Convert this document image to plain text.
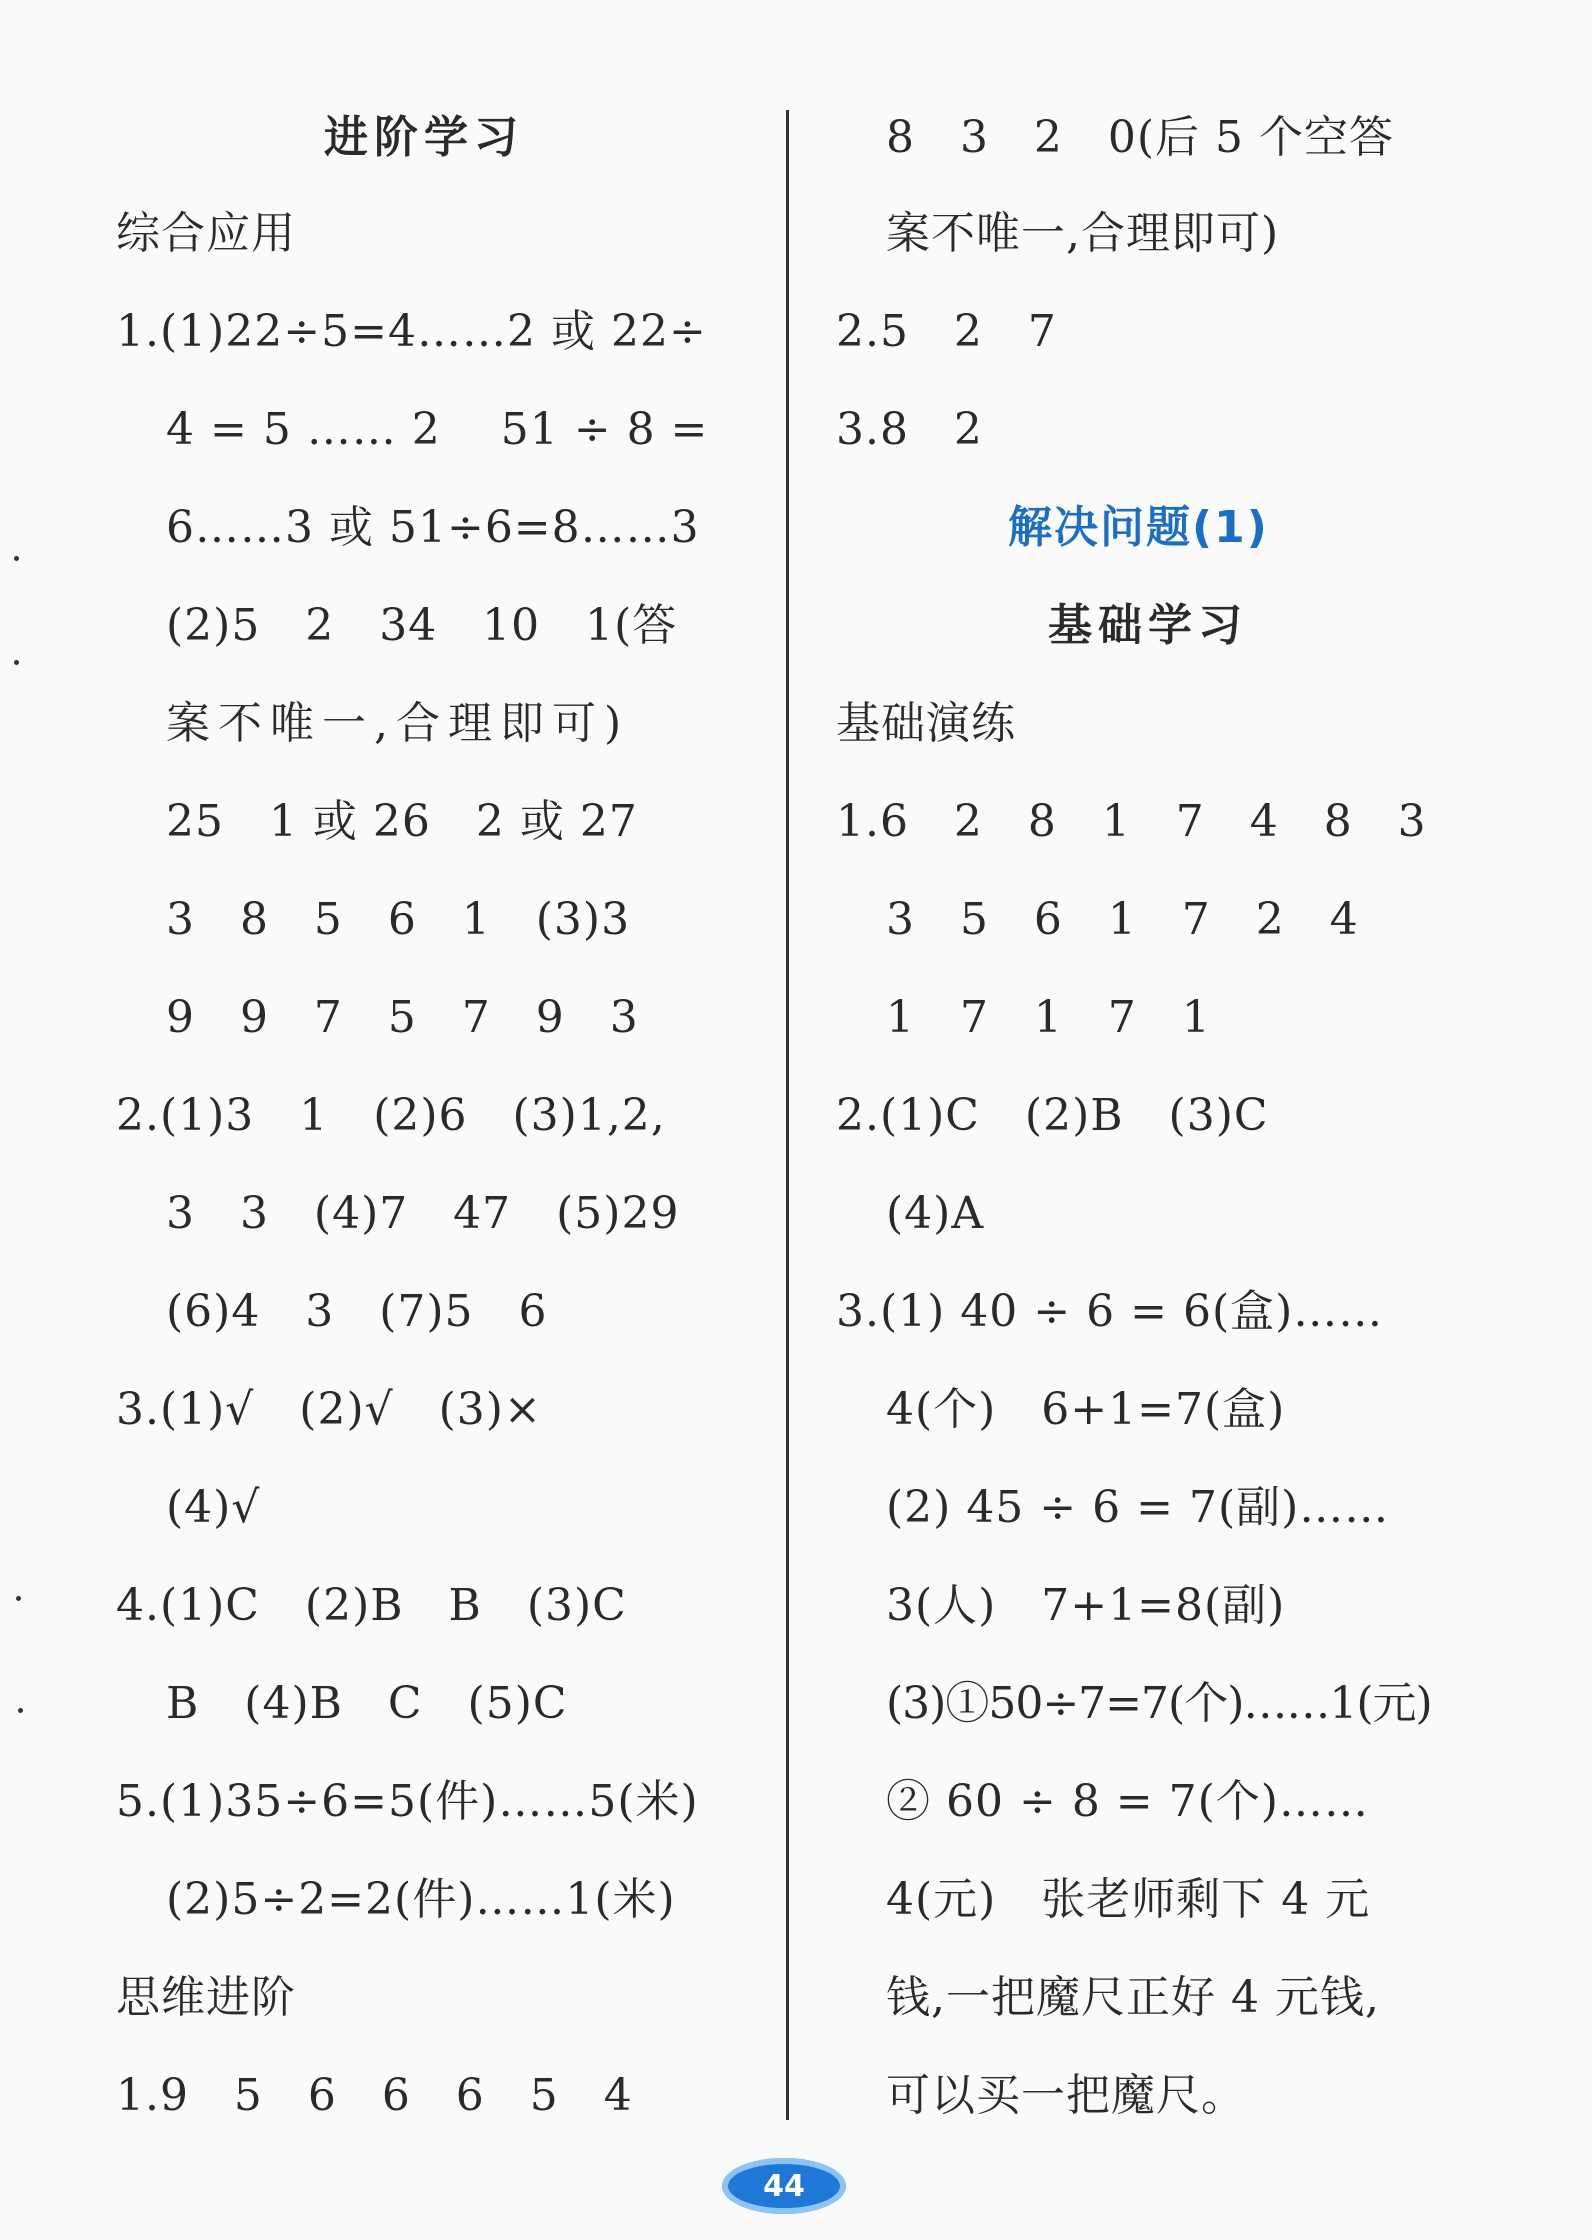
进阶学习
综合应用
1.(1)22÷5=4……2 或 22÷
4 = 5 …… 2    51 ÷ 8 =
6……3 或 51÷6=8……3
(2)5   2   34   10   1(答
案不唯一,合理即可)
25   1 或 26   2 或 27
3   8   5   6   1   (3)3
9   9   7   5   7   9   3
2.(1)3   1   (2)6   (3)1,2,
3   3   (4)7   47   (5)29
(6)4   3   (7)5   6
3.(1)√   (2)√   (3)×
(4)√
4.(1)C   (2)B   B   (3)C
B   (4)B   C   (5)C
5.(1)35÷6=5(件)……5(米)
(2)5÷2=2(件)……1(米)
思维进阶
1.9   5   6   6   6   5   4
8   3   2   0(后 5 个空答
案不唯一,合理即可)
2.5   2   7
3.8   2
解决问题(1)
基础学习
基础演练
1.6   2   8   1   7   4   8   3
3   5   6   1   7   2   4
1   7   1   7   1
2.(1)C   (2)B   (3)C
(4)A
3.(1) 40 ÷ 6 = 6(盒)……
4(个)   6+1=7(盒)
(2) 45 ÷ 6 = 7(副)……
3(人)   7+1=8(副)
(3)①50÷7=7(个)……1(元)
② 60 ÷ 8 = 7(个)……
4(元)   张老师剩下 4 元
钱,一把魔尺正好 4 元钱,
可以买一把魔尺。
44
